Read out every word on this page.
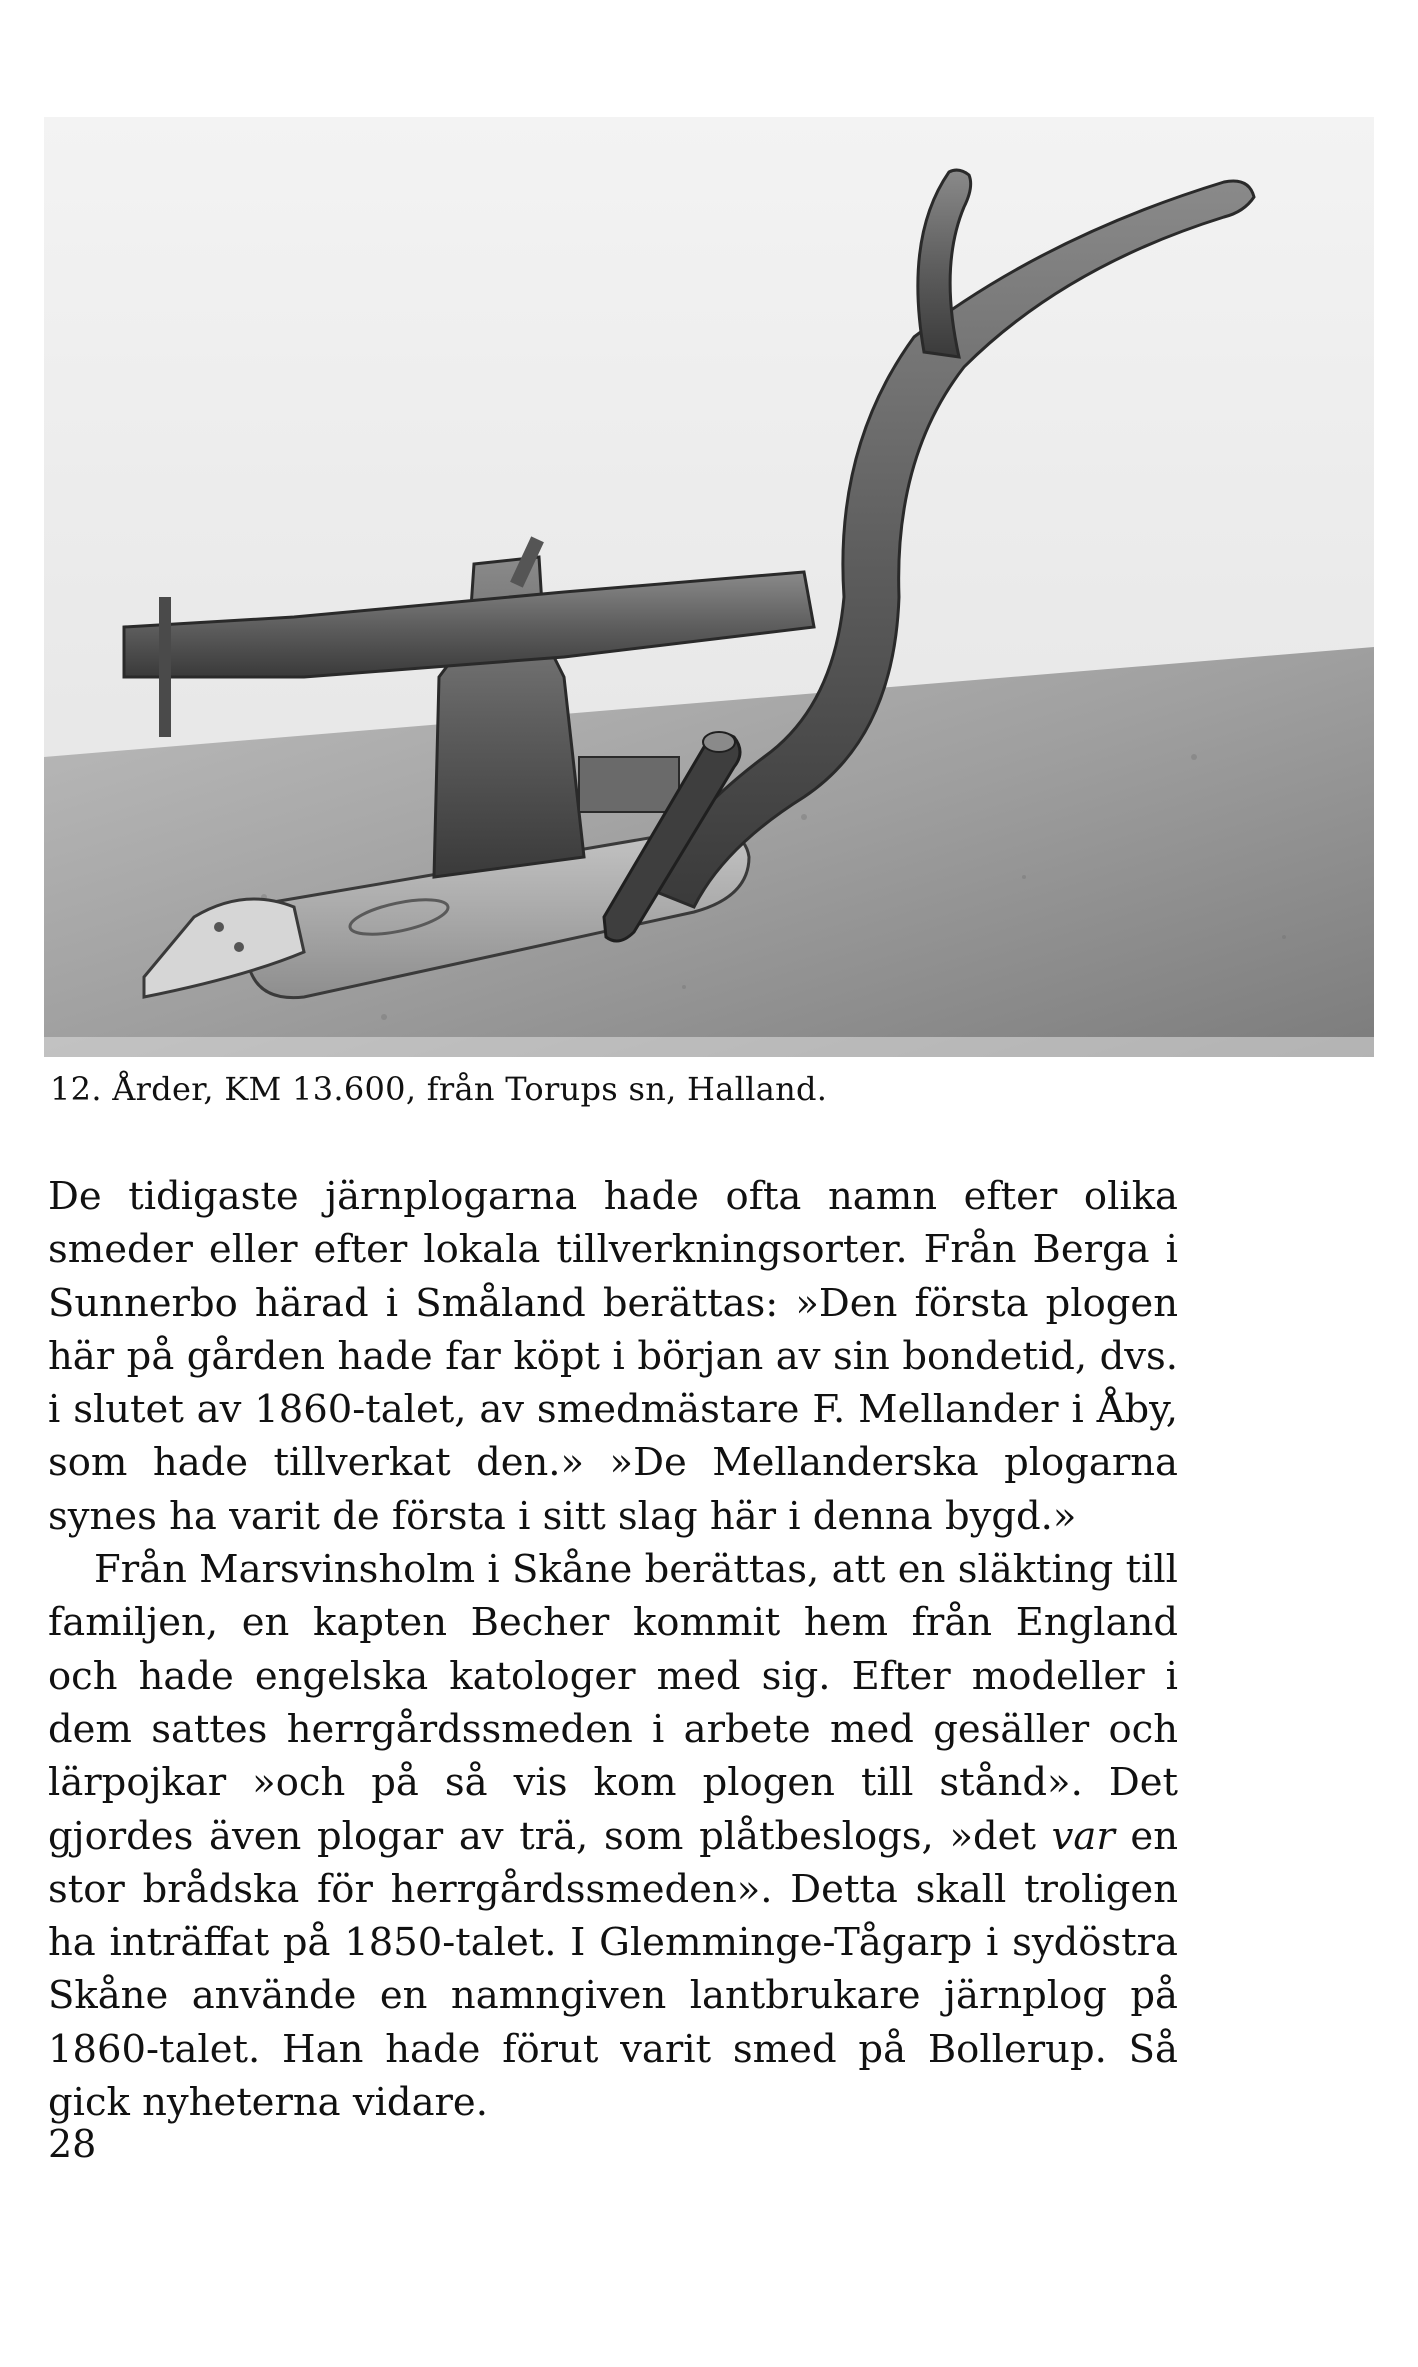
12. Årder, KM 13.600, från Torups sn, Halland.

De tidigaste järnplogarna hade ofta namn efter olika smeder eller efter lokala tillverkningsorter. Från Berga i Sunnerbo härad i Småland berättas: »Den första plogen här på gården hade far köpt i början av sin bondetid, dvs. i slutet av 1860-talet, av smedmästare F. Mellander i Åby, som hade tillverkat den.» »De Mellanderska plogarna synes ha varit de första i sitt slag här i denna bygd.»

Från Marsvinsholm i Skåne berättas, att en släkting till familjen, en kapten Becher kommit hem från England och hade engelska katologer med sig. Efter modeller i dem sattes herrgårdssmeden i arbete med gesäller och lärpojkar »och på så vis kom plogen till stånd». Det gjordes även plogar av trä, som plåtbeslogs, »det var en stor brådska för herrgårdssmeden». Detta skall troligen ha inträffat på 1850-talet. I Glemminge-Tågarp i sydöstra Skåne använde en namngiven lantbrukare järnplog på 1860-talet. Han hade förut varit smed på Bollerup. Så gick nyheterna vidare.

28
